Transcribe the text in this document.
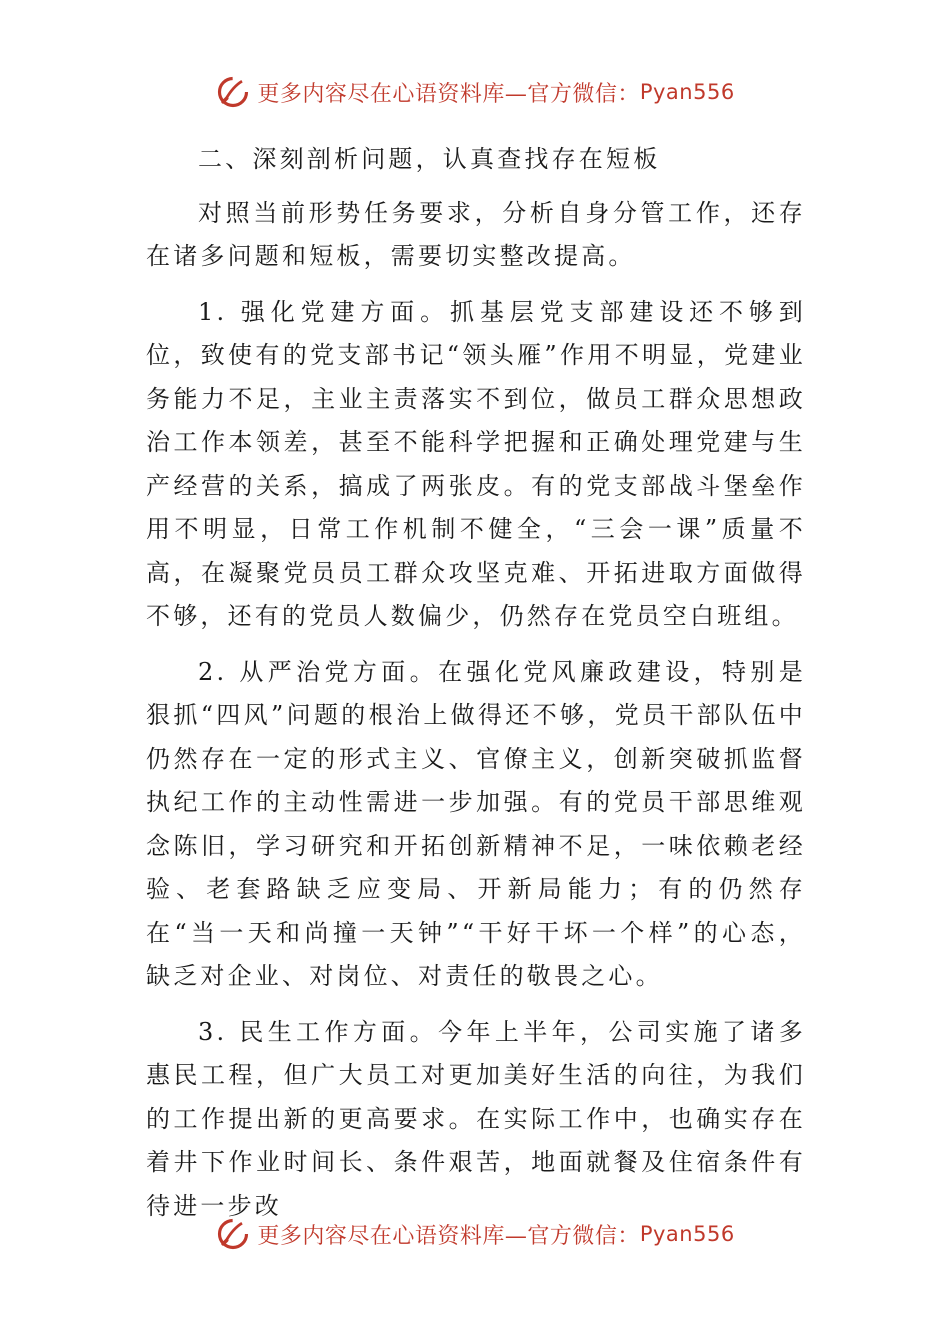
更多内容尽在心语资料库—官方微信： Pyan556

二、深刻剖析问题，认真查找存在短板

对照当前形势任务要求，分析自身分管工作，还存在诸多问题和短板，需要切实整改提高。

1. 强化党建方面。抓基层党支部建设还不够到位，致使有的党支部书记“领头雁”作用不明显，党建业务能力不足，主业主责落实不到位，做员工群众思想政治工作本领差，甚至不能科学把握和正确处理党建与生产经营的关系，搞成了两张皮。有的党支部战斗堡垒作用不明显，日常工作机制不健全，“三会一课”质量不高，在凝聚党员员工群众攻坚克难、开拓进取方面做得不够，还有的党员人数偏少，仍然存在党员空白班组。

2. 从严治党方面。在强化党风廉政建设，特别是狠抓“四风”问题的根治上做得还不够，党员干部队伍中仍然存在一定的形式主义、官僚主义，创新突破抓监督执纪工作的主动性需进一步加强。有的党员干部思维观念陈旧，学习研究和开拓创新精神不足，一味依赖老经验、老套路缺乏应变局、开新局能力；有的仍然存在“当一天和尚撞一天钟”“干好干坏一个样”的心态，缺乏对企业、对岗位、对责任的敬畏之心。

3. 民生工作方面。今年上半年，公司实施了诸多惠民工程，但广大员工对更加美好生活的向往，为我们的工作提出新的更高要求。在实际工作中，也确实存在着井下作业时间长、条件艰苦，地面就餐及住宿条件有待进一步改

更多内容尽在心语资料库—官方微信： Pyan556
